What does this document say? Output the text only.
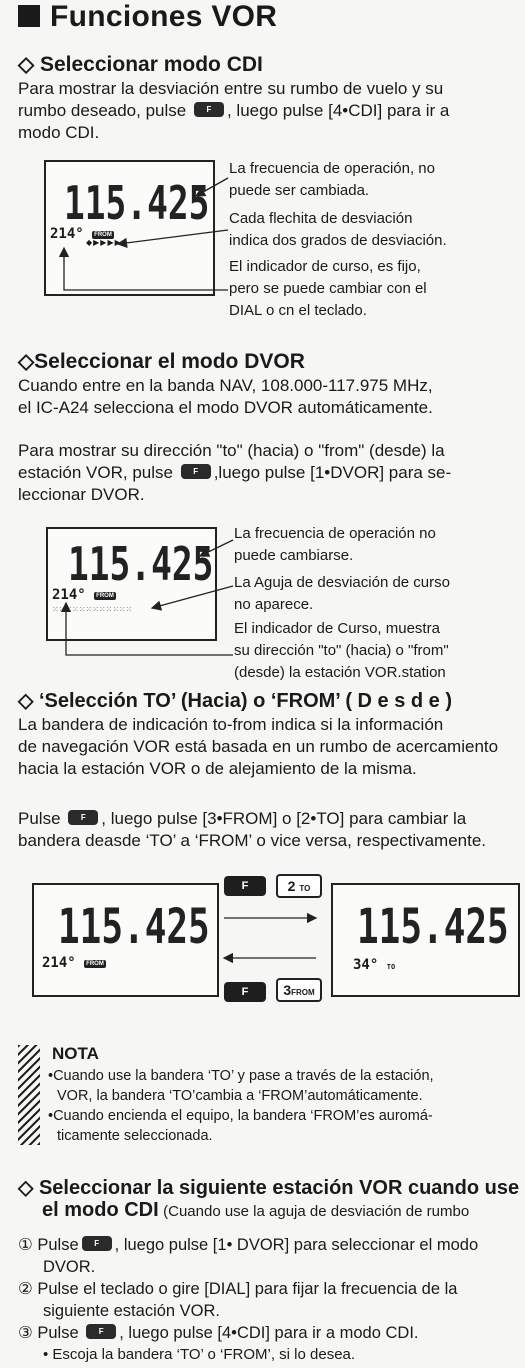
Funciones VOR
◇ Seleccionar modo CDI
Para mostrar la desviación entre su rumbo de vuelo y su
rumbo deseado, pulse F , luego pulse [4•CDI] para ir a
modo CDI.
115.425
214° FROM
◆▶▶▶▶
La frecuencia de operación, no
puede ser cambiada.
Cada flechita de desviación
indica dos grados de desviación.
El indicador de curso, es fijo,
pero se puede cambiar con el
DIAL o cn el teclado.
◇Seleccionar el modo DVOR
Cuando entre en la banda NAV, 108.000-117.975 MHz,
el IC-A24 selecciona el modo DVOR automáticamente.
Para mostrar su dirección "to" (hacia) o "from" (desde) la
estación VOR, pulse F ,luego pulse [1•DVOR] para se-
leccionar DVOR.
115.425
214° FROM
⁙⁙⁙⁙⁙⁙⁙⁙⁙⁙⁙⁙
La frecuencia de operación no
puede cambiarse.
La Aguja de desviación de curso
no aparece.
El indicador de Curso, muestra
su dirección "to" (hacia) o "from"
(desde) la estación VOR.station
◇ ‘Selección TO’ (Hacia) o ‘FROM’ ( D e s d e )
La bandera de indicación to-from indica si la información
de navegación VOR está basada en un rumbo de acercamiento
hacia la estación VOR o de alejamiento de la misma.
Pulse F , luego pulse [3•FROM] o [2•TO] para cambiar la
bandera deasde ‘TO’ a ‘FROM’ o vice versa, respectivamente.
115.425
214° FROM
115.425
34° TO
F	2 TO
F	3FROM
NOTA
•Cuando use la bandera ‘TO’ y pase a través de la estación,
VOR, la bandera ‘TO’cambia a ‘FROM’automáticamente.
•Cuando encienda el equipo, la bandera ‘FROM’es auromá-
ticamente seleccionada.
◇ Seleccionar la siguiente estación VOR cuando use
el modo CDI (Cuando use la aguja de desviación de rumbo
① Pulse F , luego pulse [1• DVOR] para seleccionar el modo
DVOR.
② Pulse el teclado o gire [DIAL] para fijar la frecuencia de la
siguiente estación VOR.
③ Pulse F , luego pulse [4•CDI] para ir a modo CDI.
• Escoja la bandera ‘TO’ o ‘FROM’, si lo desea.
